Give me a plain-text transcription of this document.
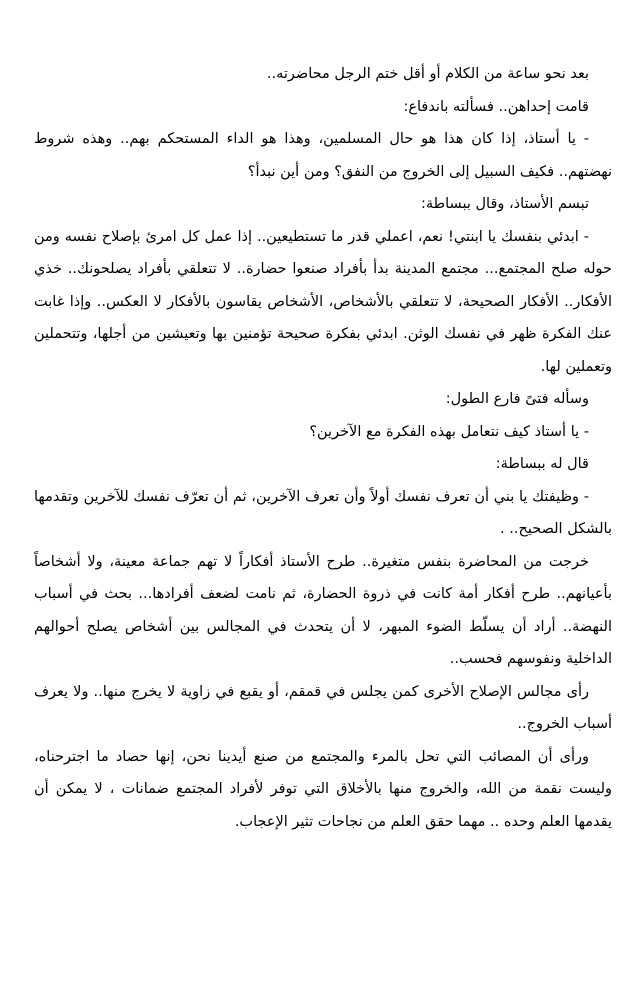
بعد نحو ساعة من الكلام أو أقل ختم الرجل محاضرته..

قامت إحداهن.. فسألته باندفاع:

- يا أستاذ، إذا كان هذا هو حال المسلمين، وهذا هو الداء المستحكم بهم.. وهذه شروط نهضتهم.. فكيف السبيل إلى الخروج من النفق؟ ومن أين نبدأ؟

تبسم الأستاذ، وقال ببساطة:

- ابدئي بنفسك يا ابنتي! نعم، اعملي قدر ما تستطيعين.. إذا عمل كل امرئ بإصلاح نفسه ومن حوله صلح المجتمع... مجتمع المدينة بدأ بأفراد صنعوا حضارة.. لا تتعلقي بأفراد يصلحونك.. خذي الأفكار.. الأفكار الصحيحة، لا تتعلقي بالأشخاص، الأشخاص يقاسون بالأفكار لا العكس.. وإذا غابت عنك الفكرة ظهر في نفسك الوثن. ابدئي بفكرة صحيحة تؤمنين بها وتعيشين من أجلها، وتتحملين وتعملين لها.

وسأله فتىً فارع الطول:

- يا أستاذ كيف نتعامل بهذه الفكرة مع الآخرين؟

قال له ببساطة:

- وظيفتك يا بني أن تعرف نفسك أولاً وأن تعرف الآخرين، ثم أن تعرّف نفسك للآخرين وتقدمها بالشكل الصحيح.. .

خرجت من المحاضرة بنفس متغيرة.. طرح الأستاذ أفكاراً لا تهم جماعة معينة، ولا أشخاصاً بأعيانهم.. طرح أفكار أمة كانت في ذروة الحضارة، ثم نامت لضعف أفرادها... بحث في أسباب النهضة.. أراد أن يسلّط الضوء المبهر، لا أن يتحدث في المجالس بين أشخاص يصلح أحوالهم الداخلية ونفوسهم فحسب..

رأى مجالس الإصلاح الأخرى كمن يجلس في قمقم، أو يقبع في زاوية لا يخرج منها.. ولا يعرف أسباب الخروج..

ورأى أن المصائب التي تحل بالمرء والمجتمع من صنع أيدينا نحن، إنها حصاد ما اجترحناه، وليست نقمة من الله، والخروج منها بالأخلاق التي توفر لأفراد المجتمع ضمانات ، لا يمكن أن يقدمها العلم وحده .. مهما حقق العلم من نجاحات تثير الإعجاب.
